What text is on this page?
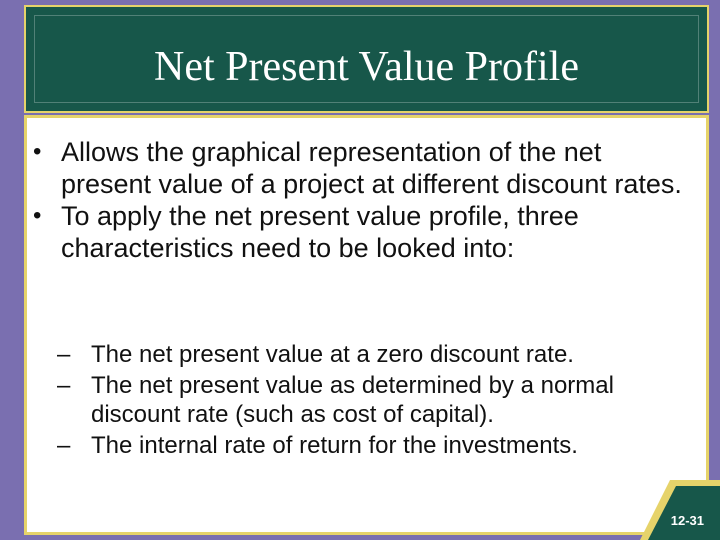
Net Present Value Profile
• Allows the graphical representation of the net present value of a project at different discount rates.
• To apply the net present value profile, three characteristics need to be looked into:
– The net present value at a zero discount rate.
– The net present value as determined by a normal discount rate (such as cost of capital).
– The internal rate of return for the investments.
12-31
